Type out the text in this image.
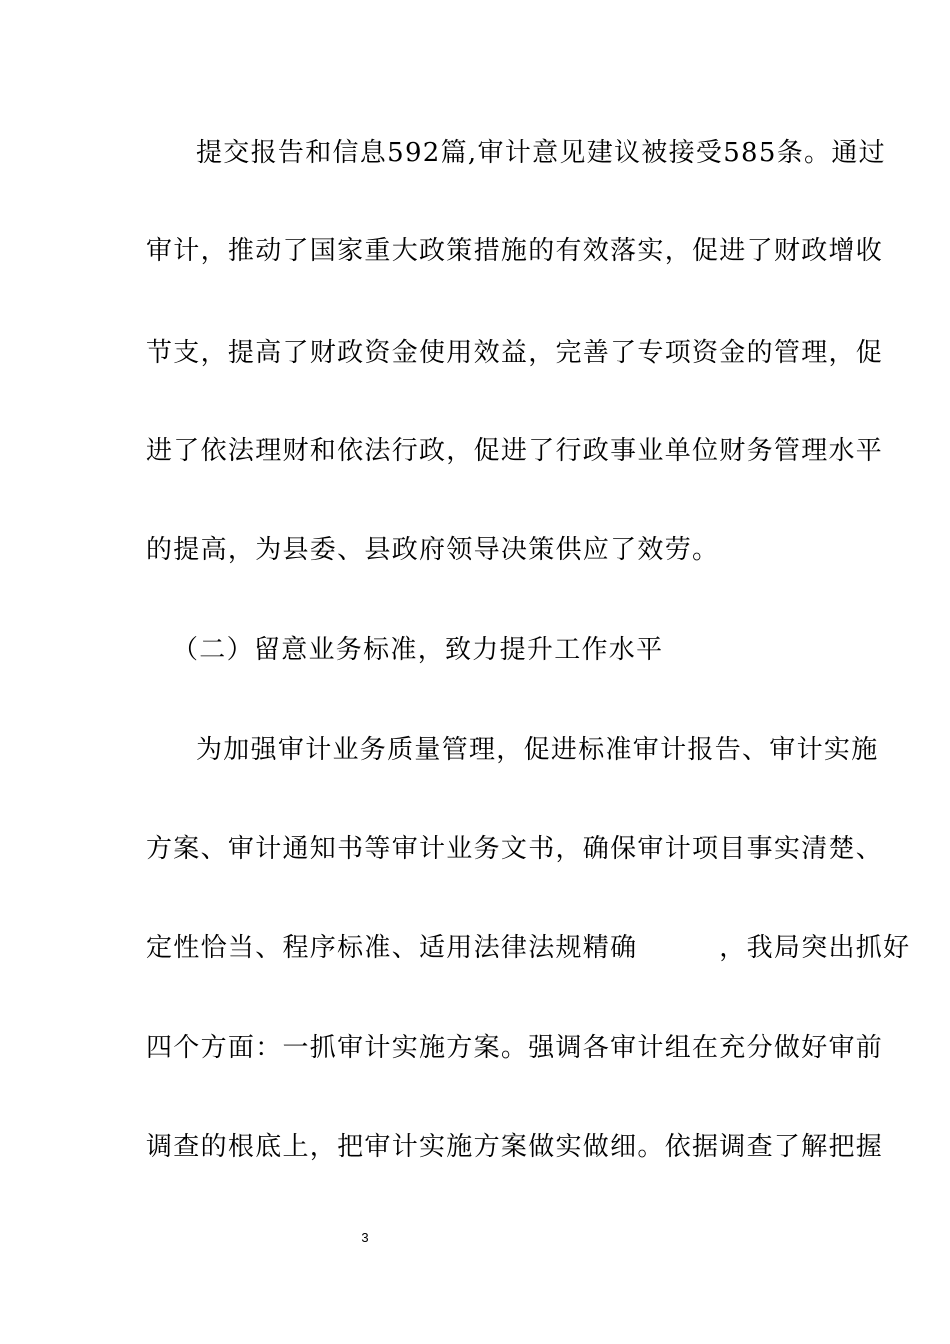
提交报告和信息592篇,审计意见建议被接受585条。通过
审计，推动了国家重大政策措施的有效落实，促进了财政增收
节支，提高了财政资金使用效益，完善了专项资金的管理，促
进了依法理财和依法行政，促进了行政事业单位财务管理水平
的提高，为县委、县政府领导决策供应了效劳。
（二）留意业务标准，致力提升工作水平
为加强审计业务质量管理，促进标准审计报告、审计实施
方案、审计通知书等审计业务文书，确保审计项目事实清楚、
定性恰当、程序标准、适用法律法规精确　　　，我局突出抓好
四个方面：一抓审计实施方案。强调各审计组在充分做好审前
调查的根底上，把审计实施方案做实做细。依据调查了解把握
3
